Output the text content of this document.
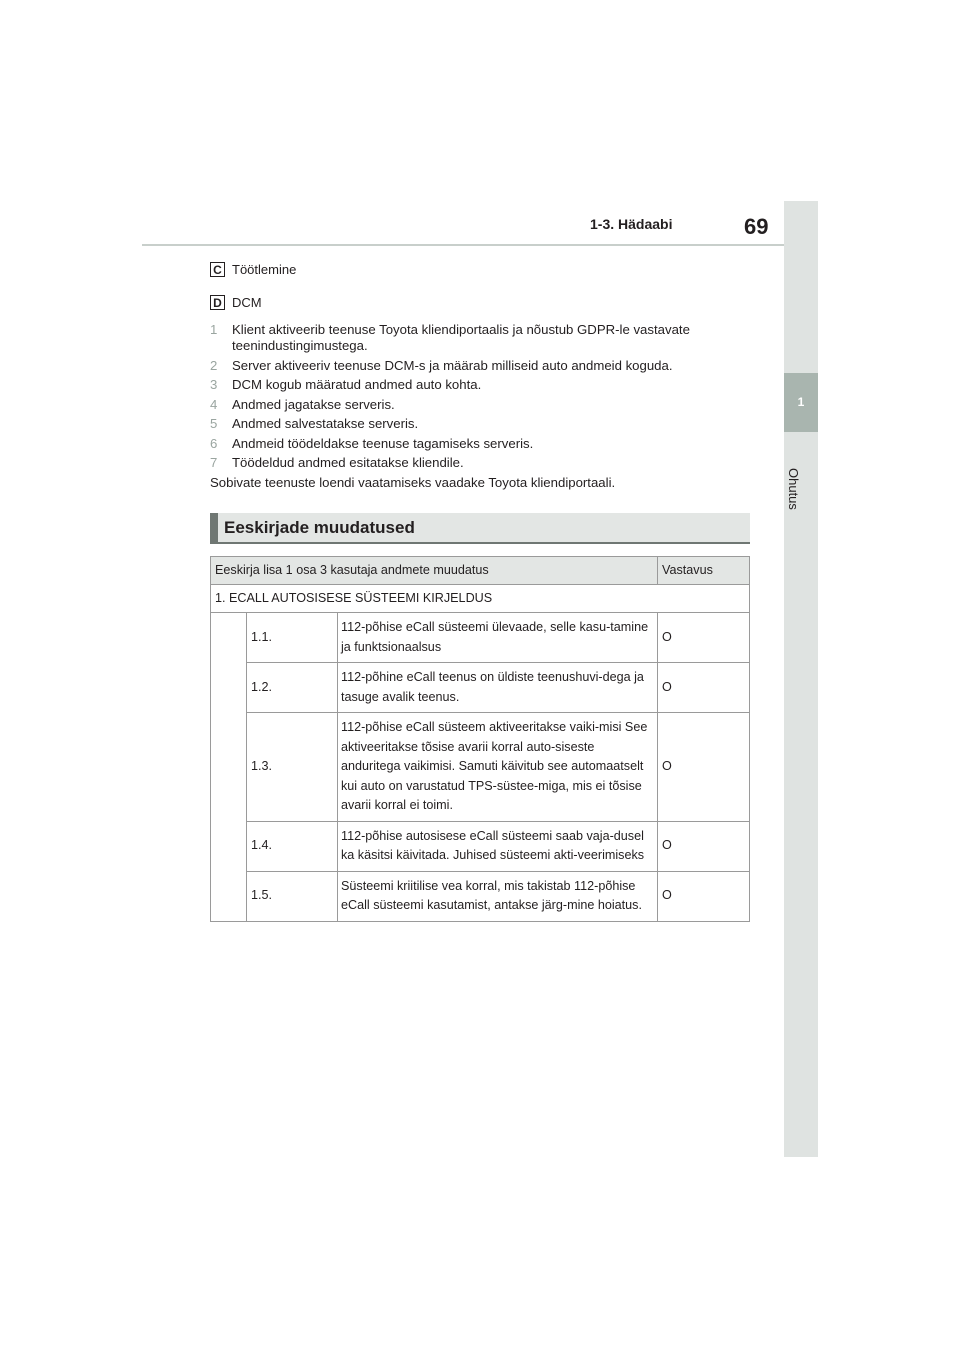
1-3. Hädaabi	69
1
Ohutus
C Töötlemine
D DCM
1	Klient aktiveerib teenuse Toyota kliendiportaalis ja nõustub GDPR-le vastavate teenindustingimustega.
2	Server aktiveeriv teenuse DCM-s ja määrab milliseid auto andmeid koguda.
3	DCM kogub määratud andmed auto kohta.
4	Andmed jagatakse serveris.
5	Andmed salvestatakse serveris.
6	Andmeid töödeldakse teenuse tagamiseks serveris.
7	Töödeldud andmed esitatakse kliendile.
Sobivate teenuste loendi vaatamiseks vaadake Toyota kliendiportaali.
Eeskirjade muudatused
Eeskirja lisa 1 osa 3 kasutaja andmete muudatus			Vastavus
1. ECALL AUTOSISESE SÜSTEEMI KIRJELDUS			
	1.1.	112-põhise eCall süsteemi ülevaade, selle kasu-tamine ja funktsionaalsus	O
	1.2.	112-põhine eCall teenus on üldiste teenushuvi-dega ja tasuge avalik teenus.	O
	1.3.	112-põhise eCall süsteem aktiveeritakse vaiki-misi See aktiveeritakse tõsise avarii korral auto-siseste anduritega vaikimisi. Samuti käivitub see automaatselt kui auto on varustatud TPS-süstee-miga, mis ei tõsise avarii korral ei toimi.	O
	1.4.	112-põhise autosisese eCall süsteemi saab vaja-dusel ka käsitsi käivitada. Juhised süsteemi akti-veerimiseks	O
	1.5.	Süsteemi kriitilise vea korral, mis takistab 112-põhise eCall süsteemi kasutamist, antakse järg-mine hoiatus.	O
